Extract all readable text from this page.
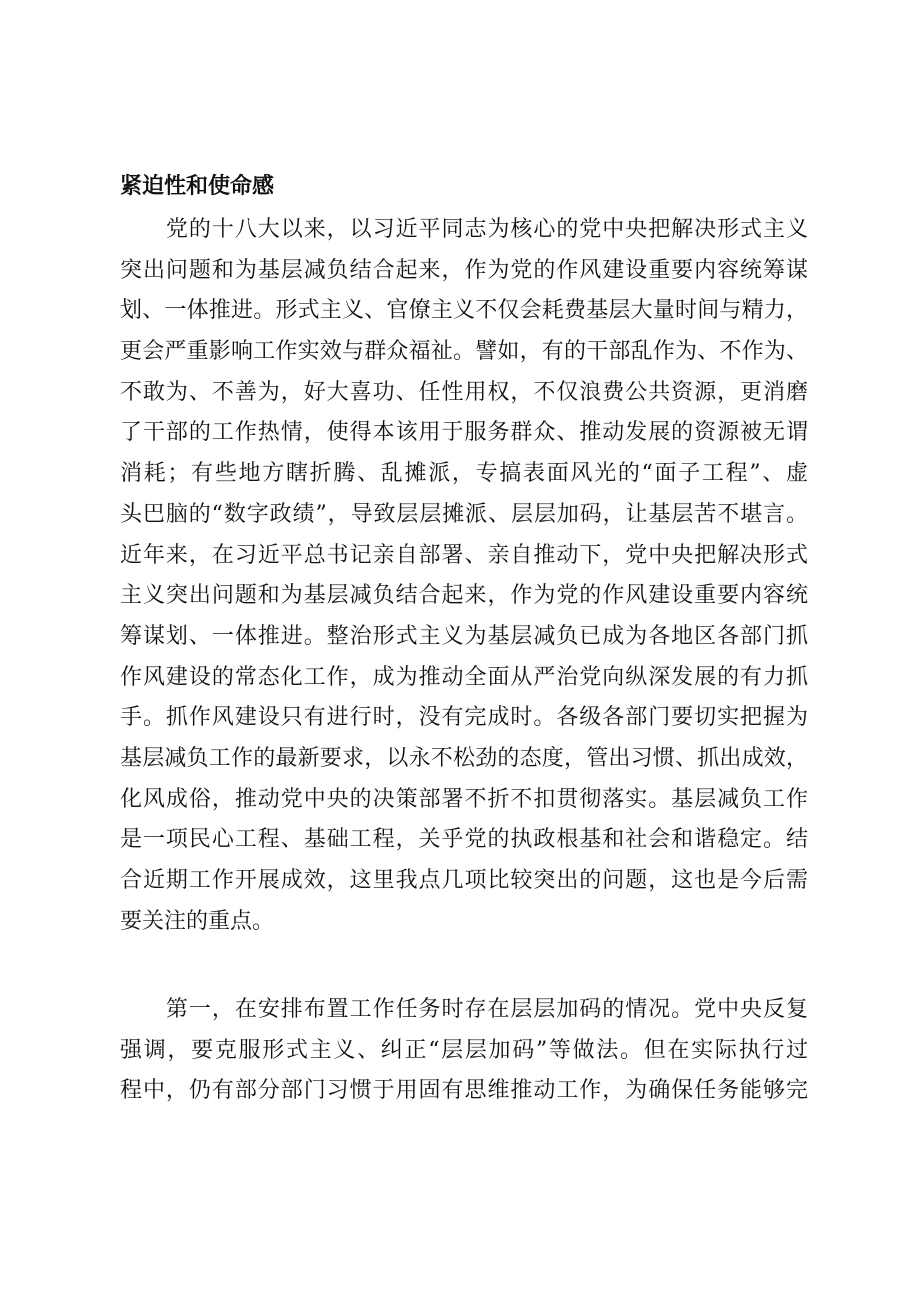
紧迫性和使命感
　　党的十八大以来，以习近平同志为核心的党中央把解决形式主义
突出问题和为基层减负结合起来，作为党的作风建设重要内容统筹谋
划、一体推进。形式主义、官僚主义不仅会耗费基层大量时间与精力，
更会严重影响工作实效与群众福祉。譬如，有的干部乱作为、不作为、
不敢为、不善为，好大喜功、任性用权，不仅浪费公共资源，更消磨
了干部的工作热情，使得本该用于服务群众、推动发展的资源被无谓
消耗；有些地方瞎折腾、乱摊派，专搞表面风光的“面子工程”、虚
头巴脑的“数字政绩”，导致层层摊派、层层加码，让基层苦不堪言。
近年来，在习近平总书记亲自部署、亲自推动下，党中央把解决形式
主义突出问题和为基层减负结合起来，作为党的作风建设重要内容统
筹谋划、一体推进。整治形式主义为基层减负已成为各地区各部门抓
作风建设的常态化工作，成为推动全面从严治党向纵深发展的有力抓
手。抓作风建设只有进行时，没有完成时。各级各部门要切实把握为
基层减负工作的最新要求，以永不松劲的态度，管出习惯、抓出成效，
化风成俗，推动党中央的决策部署不折不扣贯彻落实。基层减负工作
是一项民心工程、基础工程，关乎党的执政根基和社会和谐稳定。结
合近期工作开展成效，这里我点几项比较突出的问题，这也是今后需
要关注的重点。
　　第一，在安排布置工作任务时存在层层加码的情况。党中央反复
强调，要克服形式主义、纠正“层层加码”等做法。但在实际执行过
程中，仍有部分部门习惯于用固有思维推动工作，为确保任务能够完
